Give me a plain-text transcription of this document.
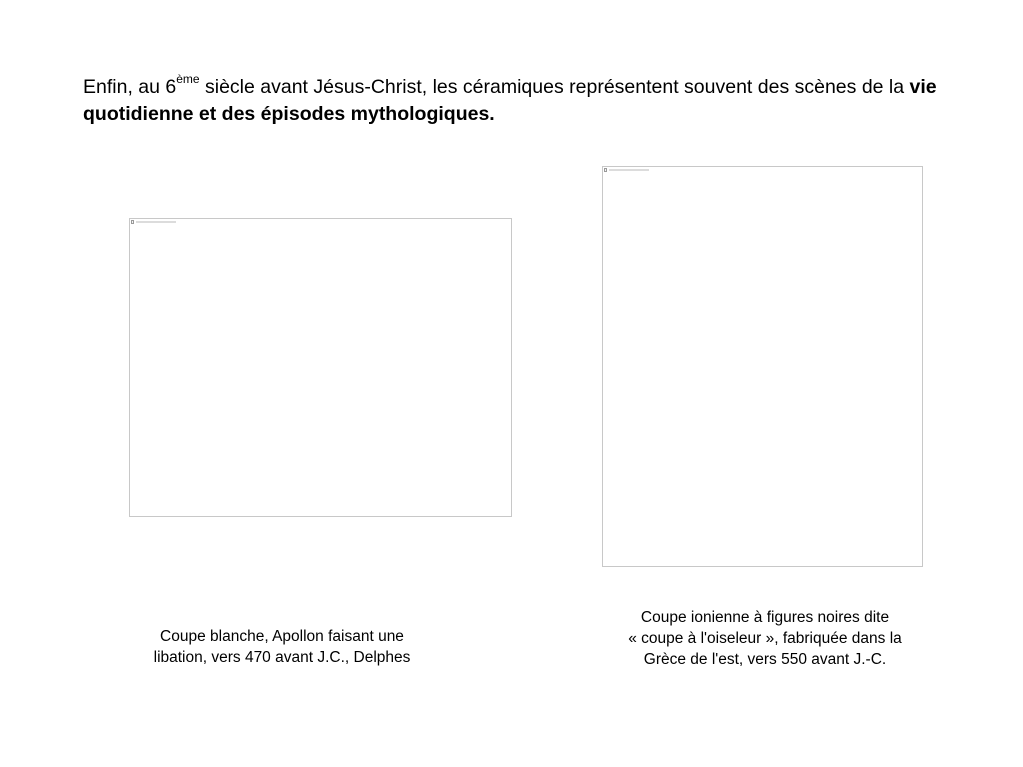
Enfin, au 6ème siècle avant Jésus-Christ, les céramiques représentent souvent des scènes de la vie quotidienne et des épisodes mythologiques.
Coupe blanche, Apollon faisant une
libation, vers 470 avant J.C., Delphes
Coupe ionienne à figures noires dite
« coupe à l'oiseleur », fabriquée dans la
Grèce de l'est, vers 550 avant J.-C.
